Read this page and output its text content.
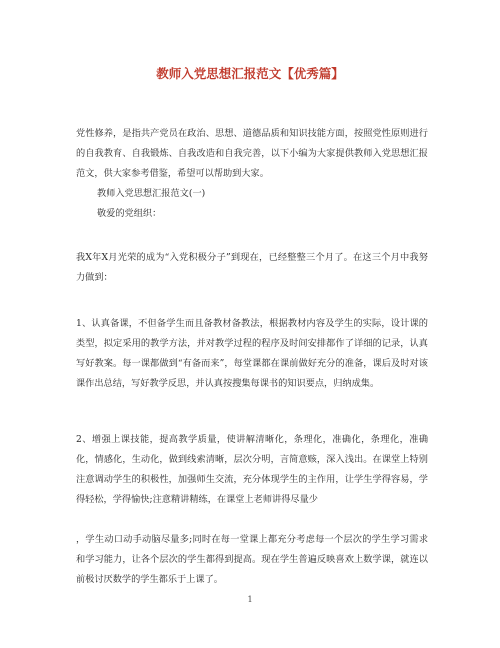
教师入党思想汇报范文【优秀篇】
党性修养，是指共产党员在政治、思想、道德品质和知识技能方面，按照党性原则进行的自我教育、自我锻炼、自我改造和自我完善，以下小编为大家提供教师入党思想汇报范文，供大家参考借鉴，希望可以帮助到大家。
教师入党思想汇报范文(一)
敬爱的党组织：
我X年X月光荣的成为“入党积极分子”到现在，已经整整三个月了。在这三个月中我努力做到：
1、认真备课，不但备学生而且备教材备教法，根据教材内容及学生的实际，设计课的类型，拟定采用的教学方法，并对教学过程的程序及时间安排都作了详细的记录，认真写好教案。每一课都做到“有备而来”，每堂课都在课前做好充分的准备，课后及时对该课作出总结，写好教学反思，并认真按搜集每课书的知识要点，归纳成集。
2、增强上课技能，提高教学质量，使讲解清晰化，条理化，准确化，条理化，准确化，情感化，生动化，做到线索清晰，层次分明，言简意赅，深入浅出。在课堂上特别注意调动学生的积极性，加强师生交流，充分体现学生的主作用，让学生学得容易，学得轻松，学得愉快;注意精讲精练，在课堂上老师讲得尽量少
，学生动口动手动脑尽量多;同时在每一堂课上都充分考虑每一个层次的学生学习需求和学习能力，让各个层次的学生都得到提高。现在学生普遍反映喜欢上数学课，就连以前极讨厌数学的学生都乐于上课了。
1
